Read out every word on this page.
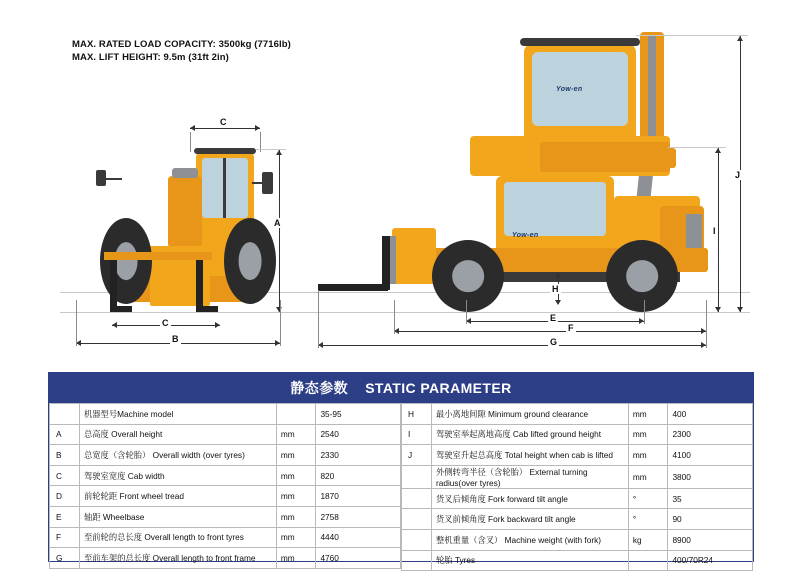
MAX. RATED LOAD COPACITY: 3500kg (7716lb)
MAX. LIFT HEIGHT: 9.5m (31ft 2in)
C
A
C
B
Yow-en
Yow-en
J
I
H
E
F
G
静态参数 STATIC PARAMETER
	机器型号Machine model		35-95
A	总高度 Overall height	mm	2540
B	总宽度（含轮胎） Overall width (over tyres)	mm	2330
C	驾驶室宽度 Cab width	mm	820
D	前轮轮距 Front wheel tread	mm	1870
E	轴距 Wheelbase	mm	2758
F	至前轮的总长度 Overall length to front tyres	mm	4440
G	至前车架的总长度 Overall length to front frame	mm	4760

H	最小离地间隙 Minimum ground clearance	mm	400
I	驾驶室举起离地高度 Cab lifted ground height	mm	2300
J	驾驶室升起总高度 Total height when cab is lifted	mm	4100
	外侧转弯半径（含轮胎） External turning radius(over tyres)	mm	3800
	货叉后倾角度 Fork forward tilt angle	°	35
	货叉前倾角度 Fork backward tilt angle	°	90
	整机重量（含叉） Machine weight (with fork)	kg	8900
	轮胎 Tyres		400/70R24
